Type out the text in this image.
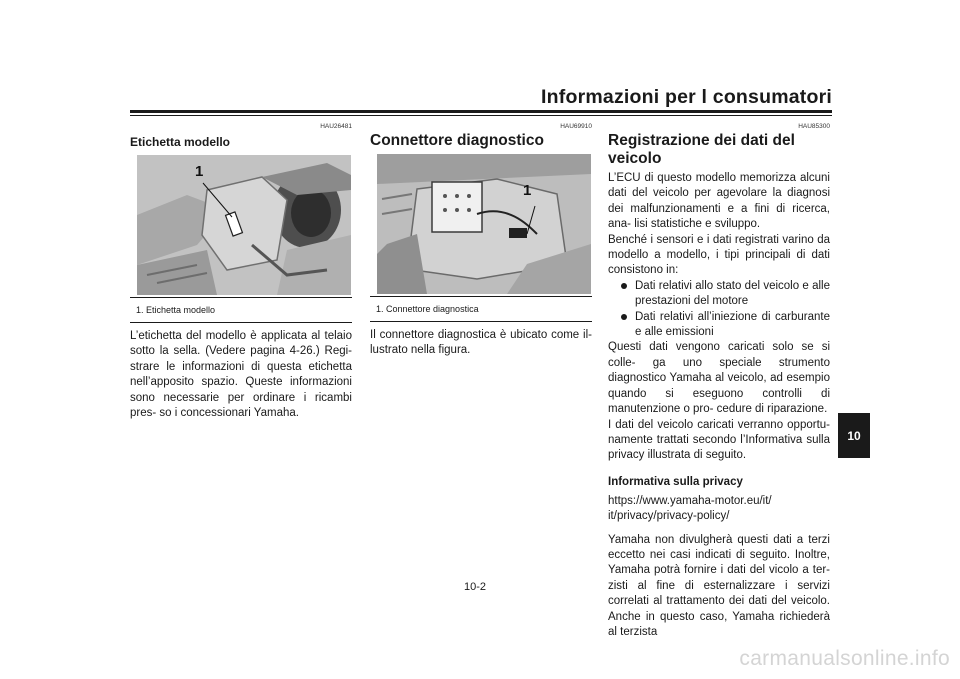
Informazioni per l consumatori
HAU26481
Etichetta modello
1
1. Etichetta modello

L’etichetta del modello è applicata al telaio sotto la sella. (Vedere pagina 4-26.) Regi- strare le informazioni di questa etichetta nell’apposito spazio. Queste informazioni sono necessarie per ordinare i ricambi pres- so i concessionari Yamaha.

HAU69910
Connettore diagnostico
1
1. Connettore diagnostica

Il connettore diagnostica è ubicato come il- lustrato nella figura.

HAU85300
Registrazione dei dati del veicolo

L’ECU di questo modello memorizza alcuni dati del veicolo per agevolare la diagnosi dei malfunzionamenti e a fini di ricerca, ana- lisi statistiche e sviluppo.

Benché i sensori e i dati registrati varino da modello a modello, i tipi principali di dati consistono in:

Dati relativi allo stato del veicolo e alle prestazioni del motore
Dati relativi all’iniezione di carburante e alle emissioni

Questi dati vengono caricati solo se si colle- ga uno speciale strumento diagnostico Yamaha al veicolo, ad esempio quando si eseguono controlli di manutenzione o pro- cedure di riparazione.

I dati del veicolo caricati verranno opportu- namente trattati secondo l’Informativa sulla privacy illustrata di seguito.

Informativa sulla privacy
https://www.yamaha-motor.eu/it/
it/privacy/privacy-policy/

Yamaha non divulgherà questi dati a terzi eccetto nei casi indicati di seguito. Inoltre, Yamaha potrà fornire i dati del vicolo a ter- zisti al fine di esternalizzare i servizi correlati al trattamento dei dati del veicolo. Anche in questo caso, Yamaha richiederà al terzista

10
10-2
carmanualsonline.info
